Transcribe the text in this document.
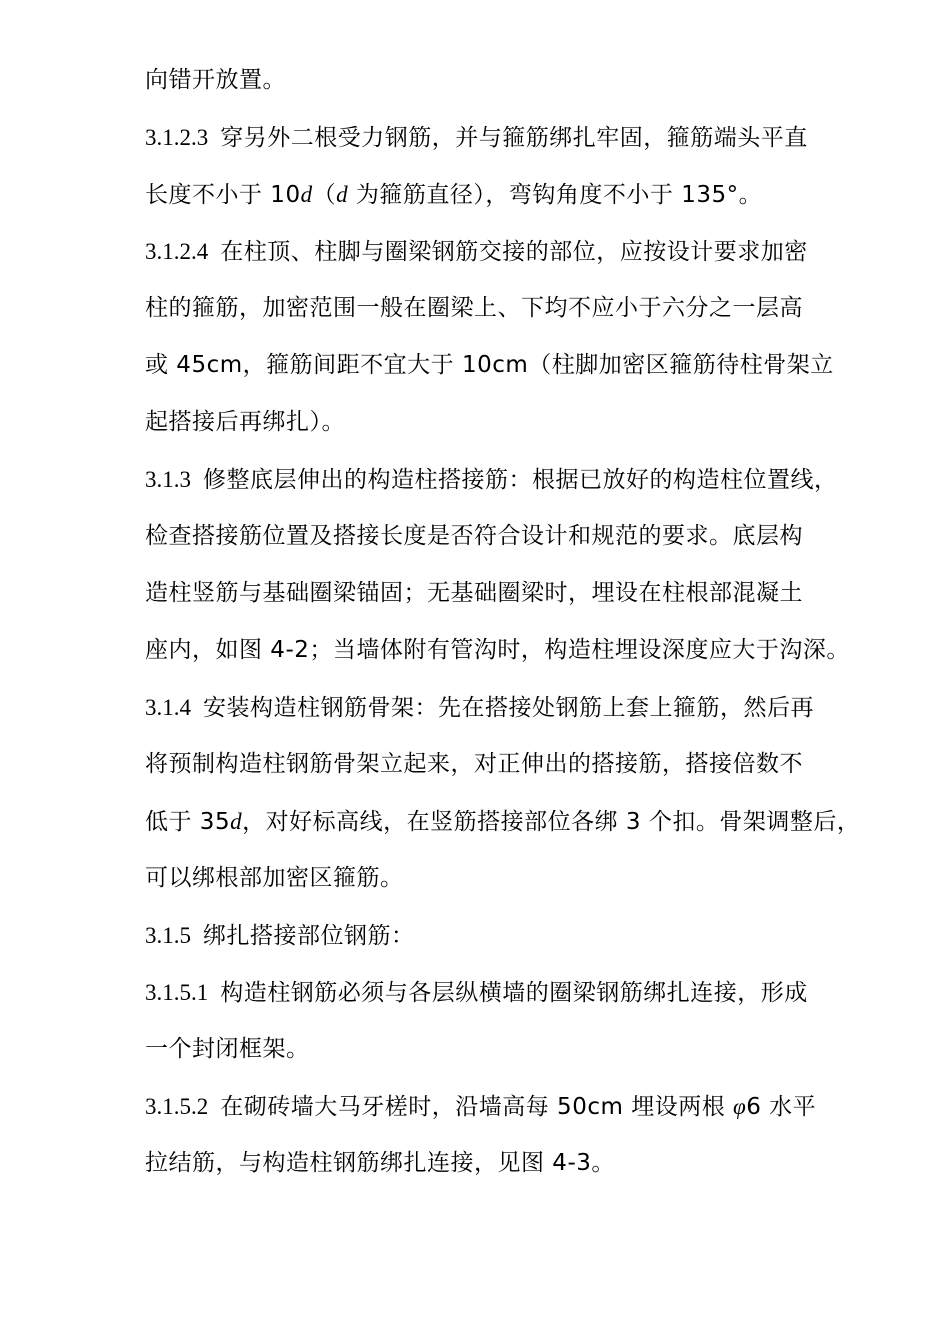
向错开放置。
3.1.2.3 穿另外二根受力钢筋，并与箍筋绑扎牢固，箍筋端头平直
长度不小于 10d（d 为箍筋直径），弯钩角度不小于 135°。
3.1.2.4 在柱顶、柱脚与圈梁钢筋交接的部位，应按设计要求加密
柱的箍筋，加密范围一般在圈梁上、下均不应小于六分之一层高
或 45cm，箍筋间距不宜大于 10cm（柱脚加密区箍筋待柱骨架立
起搭接后再绑扎）。
3.1.3 修整底层伸出的构造柱搭接筋：根据已放好的构造柱位置线，
检查搭接筋位置及搭接长度是否符合设计和规范的要求。底层构
造柱竖筋与基础圈梁锚固；无基础圈梁时，埋设在柱根部混凝土
座内，如图 4-2；当墙体附有管沟时，构造柱埋设深度应大于沟深。
3.1.4 安装构造柱钢筋骨架：先在搭接处钢筋上套上箍筋，然后再
将预制构造柱钢筋骨架立起来，对正伸出的搭接筋，搭接倍数不
低于 35d，对好标高线，在竖筋搭接部位各绑 3 个扣。骨架调整后，
可以绑根部加密区箍筋。
3.1.5 绑扎搭接部位钢筋：
3.1.5.1 构造柱钢筋必须与各层纵横墙的圈梁钢筋绑扎连接，形成
一个封闭框架。
3.1.5.2 在砌砖墙大马牙槎时，沿墙高每 50cm 埋设两根 φ6 水平
拉结筋，与构造柱钢筋绑扎连接，见图 4-3。
